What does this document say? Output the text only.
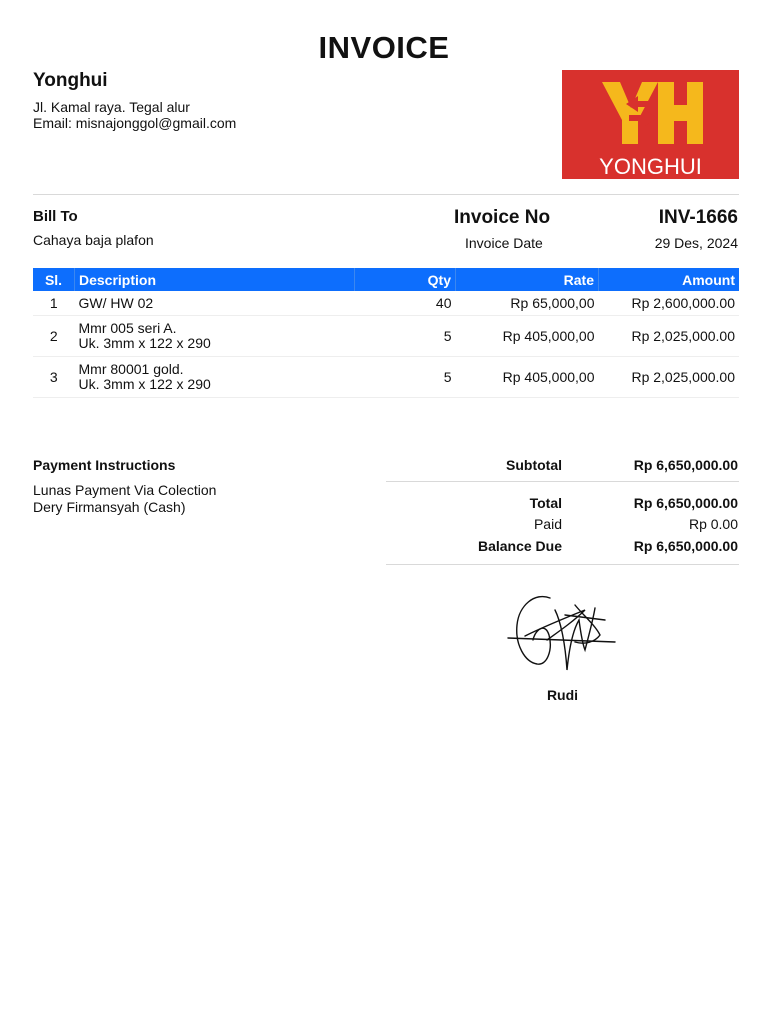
INVOICE
Yonghui
Jl. Kamal raya. Tegal alur
Email: misnajonggol@gmail.com
YONGHUI
Bill To
Cahaya baja plafon
Invoice No	INV-1666
Invoice Date	29 Des, 2024
Sl.	Description	Qty	Rate	Amount
1	GW/ HW 02	40	Rp 65,000,00	Rp 2,600,000.00
2	Mmr 005 seri A.
Uk. 3mm x 122 x 290	5	Rp 405,000,00	Rp 2,025,000.00
3	Mmr 80001 gold.
Uk. 3mm x 122 x 290	5	Rp 405,000,00	Rp 2,025,000.00
Payment Instructions
Lunas Payment Via Colection
Dery Firmansyah (Cash)
Subtotal	Rp 6,650,000.00
Total	Rp 6,650,000.00
Paid	Rp 0.00
Balance Due	Rp 6,650,000.00
Rudi
